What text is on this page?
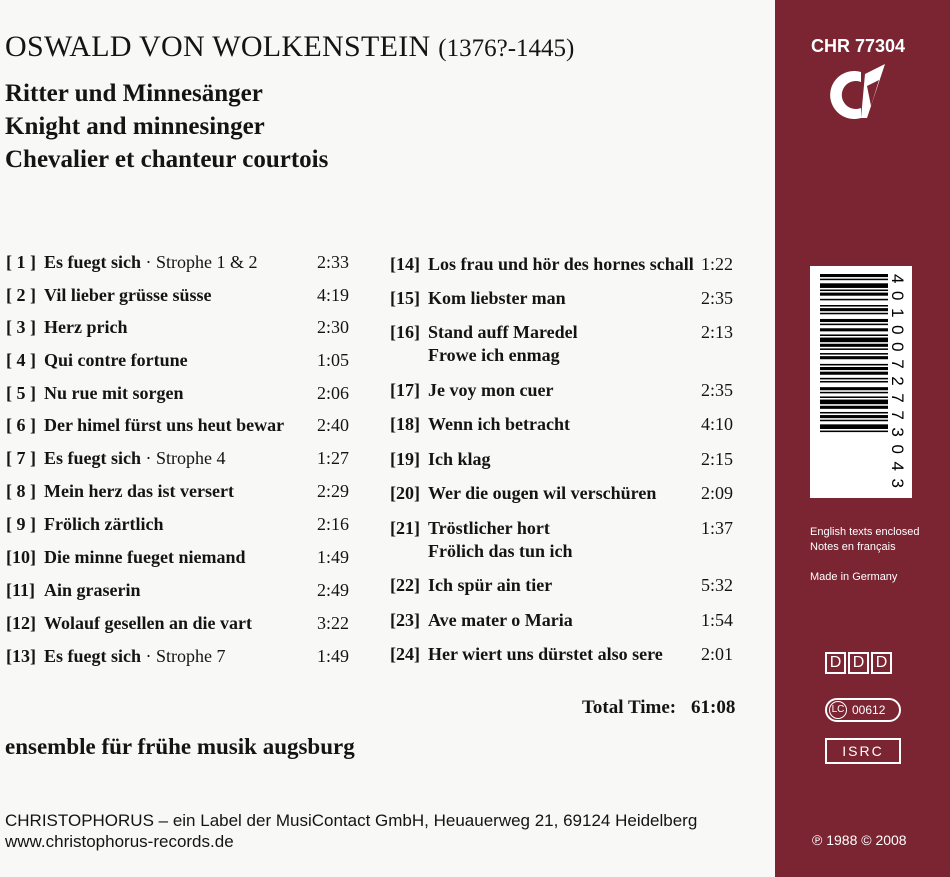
OSWALD VON WOLKENSTEIN (1376?-1445)
Ritter und Minnesänger
Knight and minnesinger
Chevalier et chanteur courtois
[ 1 ] Es fuegt sich · Strophe 1 & 2	2:33
[ 2 ] Vil lieber grüsse süsse	4:19
[ 3 ] Herz prich	2:30
[ 4 ] Qui contre fortune	1:05
[ 5 ] Nu rue mit sorgen	2:06
[ 6 ] Der himel fürst uns heut bewar 2:40
[ 7 ] Es fuegt sich · Strophe 4	1:27
[ 8 ] Mein herz das ist versert	2:29
[ 9 ] Frölich zärtlich	2:16
[10] Die minne fueget niemand	1:49
[11] Ain graserin	2:49
[12] Wolauf gesellen an die vart	3:22
[13] Es fuegt sich · Strophe 7	1:49
[14] Los frau und hör des hornes schall 1:22
[15] Kom liebster man	2:35
[16] Stand auff Maredel
Frowe ich enmag
2:13
[17] Je voy mon cuer	2:35
[18] Wenn ich betracht	4:10
[19] Ich klag	2:15
[20] Wer die ougen wil verschüren 2:09
[21] Tröstlicher hort
Frölich das tun ich
1:37
[22] Ich spür ain tier	5:32
[23] Ave mater o Maria	1:54
[24] Her wiert uns dürstet also sere 2:01
Total Time: 61:08
ensemble für frühe musik augsburg
CHRISTOPHORUS – ein Label der MusiContact GmbH, Heuauerweg 21, 69124 Heidelberg
www.christophorus-records.de
CHR 77304
4010072773043
English texts enclosed
Notes en français
Made in Germany
D D D
LC 00612
ISRC
℗ 1988 © 2008
